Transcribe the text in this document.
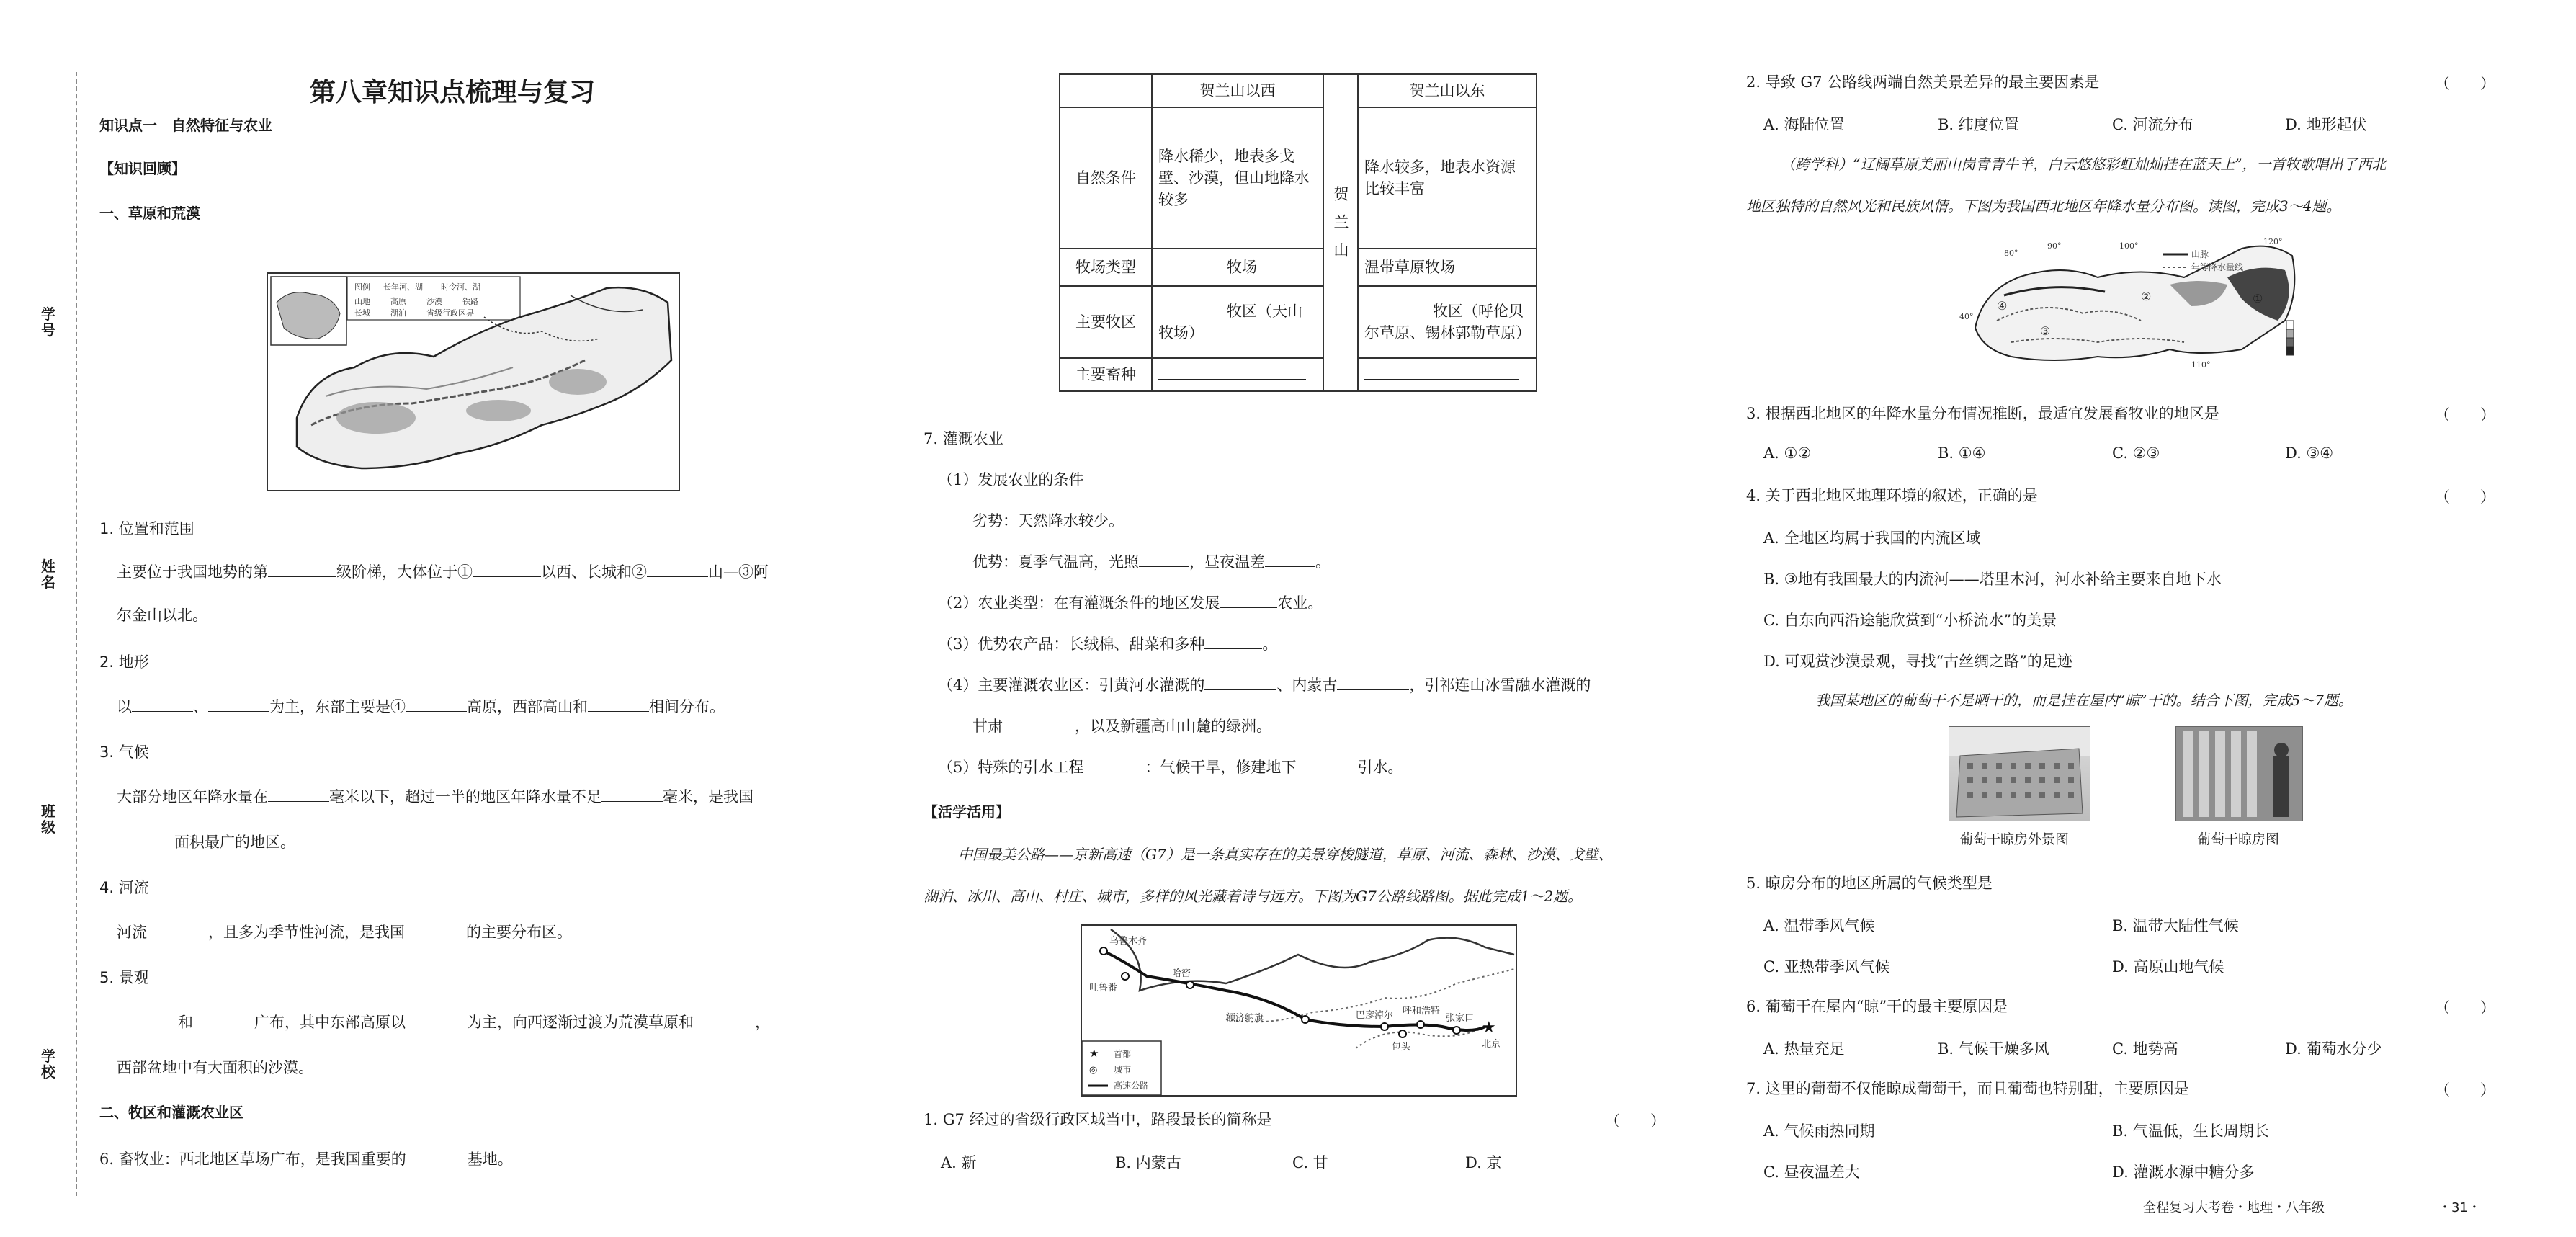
学号
姓名
班级
学校
第八章知识点梳理与复习
知识点一　自然特征与农业
【知识回顾】
一、草原和荒漠
图例 长年河、湖 时令河、湖
山地	高原	沙漠	铁路
长城	湖泊	省级行政区界
1. 位置和范围
主要位于我国地势的第	级阶梯，大体位于①	以西、长城和②	山—③阿
尔金山以北。
2. 地形
以	、	为主，东部主要是④	高原，西部高山和	相间分布。
3. 气候
大部分地区年降水量在	毫米以下，超过一半的地区年降水量不足	毫米，是我国
面积最广的地区。
4. 河流
河流	，且多为季节性河流，是我国	的主要分布区。
5. 景观
和	广布，其中东部高原以	为主，向西逐渐过渡为荒漠草原和	，
西部盆地中有大面积的沙漠。
二、牧区和灌溉农业区
6. 畜牧业：西北地区草场广布，是我国重要的	基地。
	贺兰山以西	贺兰山	贺兰山以东
自然条件	降水稀少，地表多戈壁、沙漠，但山地降水较多		降水较多，地表水资源比较丰富
牧场类型	牧场		温带草原牧场
主要牧区	牧区（天山牧场）		牧区（呼伦贝尔草原、锡林郭勒草原）
主要畜种			
7. 灌溉农业
（1）发展农业的条件
劣势：天然降水较少。
优势：夏季气温高，光照	，昼夜温差	。
（2）农业类型：在有灌溉条件的地区发展	农业。
（3）优势农产品：长绒棉、甜菜和多种	。
（4）主要灌溉农业区：引黄河水灌溉的	、内蒙古	，引祁连山冰雪融水灌溉的
甘肃	，以及新疆高山山麓的绿洲。
（5）特殊的引水工程	：气候干旱，修建地下	引水。
【活学活用】
中国最美公路——京新高速（G7）是一条真实存在的美景穿梭隧道，草原、河流、森林、沙漠、戈壁、
湖泊、冰川、高山、村庄、城市，多样的风光藏着诗与远方。下图为G7公路线路图。据此完成1～2题。
★
乌鲁木齐
吐鲁番
哈密
额济纳旗	巴彦淖尔 呼和浩特
包头
张家口
北京
★
◎
首都
城市
高速公路
1. G7 经过的省级行政区域当中，路段最长的简称是	（　　）
A. 新	B. 内蒙古	C. 甘	D. 京
2. 导致 G7 公路线两端自然美景差异的最主要因素是	（　　）
A. 海陆位置	B. 纬度位置	C. 河流分布	D. 地形起伏
（跨学科）“辽阔草原美丽山岗青青牛羊，白云悠悠彩虹灿灿挂在蓝天上”，一首牧歌唱出了西北
地区独特的自然风光和民族风情。下图为我国西北地区年降水量分布图。读图，完成3～4题。
①
②
③
④
80°
90°	100°
110°
120°
40°
山脉
年等降水量线
3. 根据西北地区的年降水量分布情况推断，最适宜发展畜牧业的地区是	（　　）
A. ①②	B. ①④	C. ②③	D. ③④
4. 关于西北地区地理环境的叙述，正确的是	（　　）
A. 全地区均属于我国的内流区域
B. ③地有我国最大的内流河——塔里木河，河水补给主要来自地下水
C. 自东向西沿途能欣赏到“小桥流水”的美景
D. 可观赏沙漠景观，寻找“古丝绸之路”的足迹
我国某地区的葡萄干不是晒干的，而是挂在屋内“晾”干的。结合下图，完成5～7题。
葡萄干晾房外景图	葡萄干晾房图
5. 晾房分布的地区所属的气候类型是
A. 温带季风气候	B. 温带大陆性气候
C. 亚热带季风气候	D. 高原山地气候
6. 葡萄干在屋内“晾”干的最主要原因是	（　　）
A. 热量充足	B. 气候干燥多风	C. 地势高	D. 葡萄水分少
7. 这里的葡萄不仅能晾成葡萄干，而且葡萄也特别甜，主要原因是	（　　）
A. 气候雨热同期	B. 气温低，生长周期长
C. 昼夜温差大	D. 灌溉水源中糖分多
全程复习大考卷・地理・八年级	・31・
